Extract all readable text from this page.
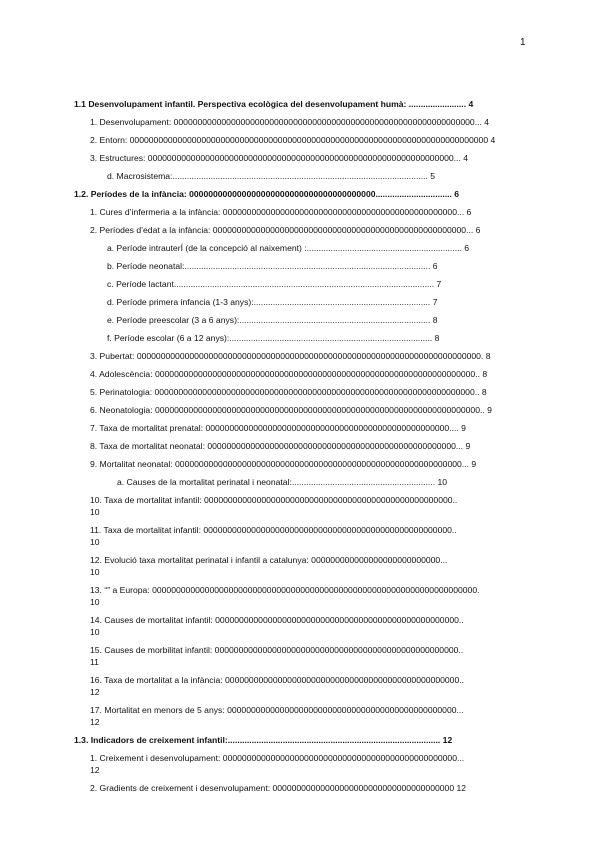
1
1.1 Desenvolupament infantil. Perspectiva ecològica del desenvolupament humà: ........................ 4
1. Desenvolupament: 000000000000000000000000000000000000000000000000000000000000000... 4
2. Entorn: 000000000000000000000000000000000000000000000000000000000000000000000000000 4
3. Estructures: 0000000000000000000000000000000000000000000000000000000000000000... 4
d. Macrosistema:........................................................................................................... 5
1.2. Períodes de la infància: 000000000000000000000000000000000000000................................ 6
1. Cures d’infermeria a la infància: 0000000000000000000000000000000000000000000000000... 6
2. Períodes d’edat a la infància: 00000000000000000000000000000000000000000000000000000... 6
a. Període intrauterÍ (de la concepció al naixement) :................................................................. 6
b. Període neonatal:....................................................................................................... 6
c. Període lactant............................................................................................................. 7
d. Període primera infancia (1-3 anys):.......................................................................... 7
e. Període preescolar (3 a 6 anys):................................................................................ 8
f. Període escolar (6 a 12 anys):..................................................................................... 8
3. Pubertat: 000000000000000000000000000000000000000000000000000000000000000000000000. 8
4. Adolescència: 0000000000000000000000000000000000000000000000000000000000000000000.. 8
5. Perinatologia: 0000000000000000000000000000000000000000000000000000000000000000000.. 8
6. Neonatologia: 00000000000000000000000000000000000000000000000000000000000000000000.. 9
7. Taxa de mortalitat prenatal: 000000000000000000000000000000000000000000000000000.... 9
8. Taxa de mortalitat neonatal: 0000000000000000000000000000000000000000000000000000... 9
9. Mortalitat neonatal: 000000000000000000000000000000000000000000000000000000000000... 9
a. Causes de la mortalitat perinatal i neonatal:............................................................ 10
10. Taxa de mortalitat infantil: 0000000000000000000000000000000000000000000000000000..
10
11. Taxa de mortalitat infantil: 0000000000000000000000000000000000000000000000000000..
10
12. Evolució taxa mortalitat perinatal i infantil a catalunya: 000000000000000000000000000...
10
13. “” a Europa: 00000000000000000000000000000000000000000000000000000000000000000000.
10
14. Causes de mortalitat infantil: 000000000000000000000000000000000000000000000000000..
10
15. Causes de morbilitat infantil: 000000000000000000000000000000000000000000000000000..
11
16. Taxa de mortalitat a la infància: 0000000000000000000000000000000000000000000000000..
12
17. Mortalitat en menors de 5 anys: 000000000000000000000000000000000000000000000000...
12
1.3. Indicadors de creixement infantil:......................................................................................... 12
1. Creixement i desenvolupament: 0000000000000000000000000000000000000000000000000...
12
2. Gradients de creixement i desenvolupament: 00000000000000000000000000000000000000 12
